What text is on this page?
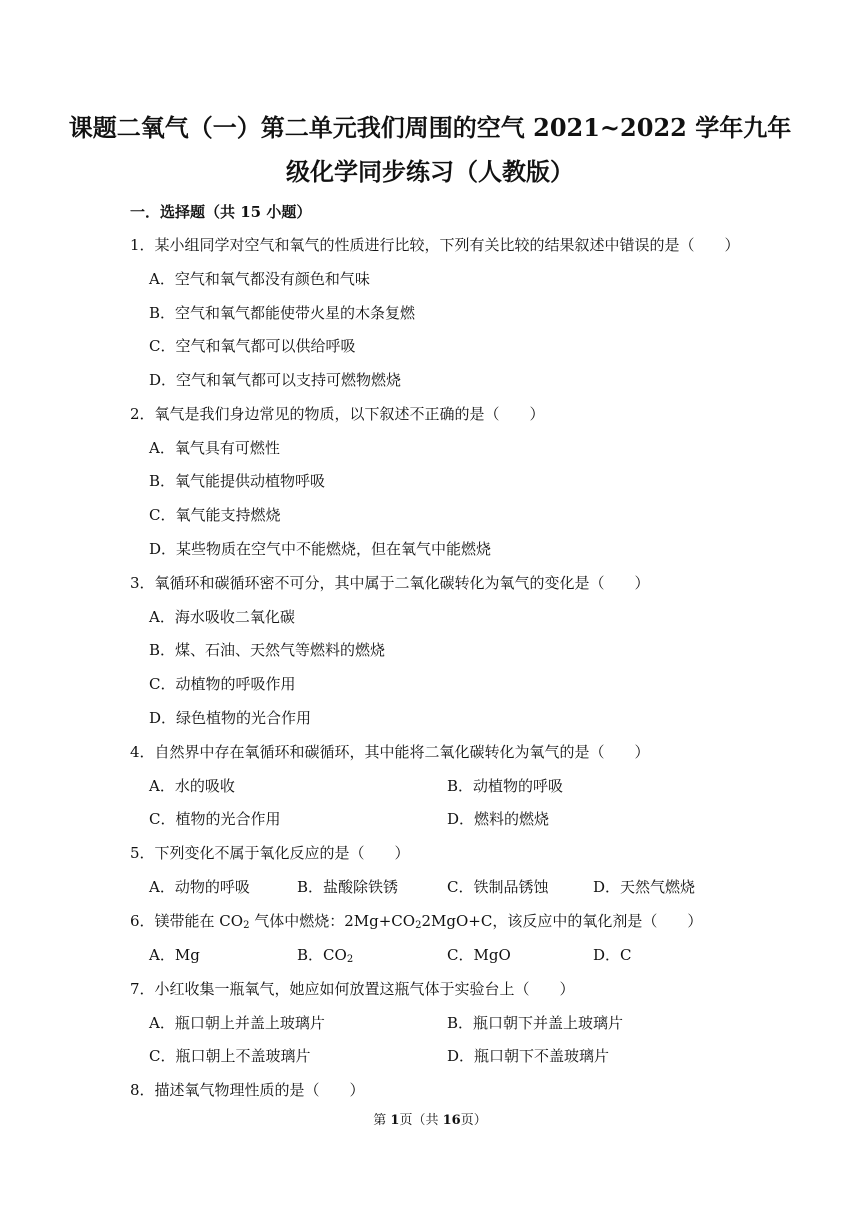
课题二氧气（一）第二单元我们周围的空气 2021~2022 学年九年
级化学同步练习（人教版）
一．选择题（共 15 小题）
1．某小组同学对空气和氧气的性质进行比较，下列有关比较的结果叙述中错误的是（　　）
A．空气和氧气都没有颜色和气味
B．空气和氧气都能使带火星的木条复燃
C．空气和氧气都可以供给呼吸
D．空气和氧气都可以支持可燃物燃烧
2．氧气是我们身边常见的物质，以下叙述不正确的是（　　）
A．氧气具有可燃性
B．氧气能提供动植物呼吸
C．氧气能支持燃烧
D．某些物质在空气中不能燃烧，但在氧气中能燃烧
3．氧循环和碳循环密不可分，其中属于二氧化碳转化为氧气的变化是（　　）
A．海水吸收二氧化碳
B．煤、石油、天然气等燃料的燃烧
C．动植物的呼吸作用
D．绿色植物的光合作用
4．自然界中存在氧循环和碳循环，其中能将二氧化碳转化为氧气的是（　　）
A．水的吸收	B．动植物的呼吸
C．植物的光合作用	D．燃料的燃烧
5．下列变化不属于氧化反应的是（　　）
A．动物的呼吸	B．盐酸除铁锈	C．铁制品锈蚀	D．天然气燃烧
6．镁带能在 $CO_2$ 气体中燃烧：$2Mg+CO_22MgO+C$，该反应中的氧化剂是（　　）
A．Mg	B．$CO_2$	C．MgO	D．C
7．小红收集一瓶氧气，她应如何放置这瓶气体于实验台上（　　）
A．瓶口朝上并盖上玻璃片	B．瓶口朝下并盖上玻璃片
C．瓶口朝上不盖玻璃片	D．瓶口朝下不盖玻璃片
8．描述氧气物理性质的是（　　）
第 1页（共 16页）
